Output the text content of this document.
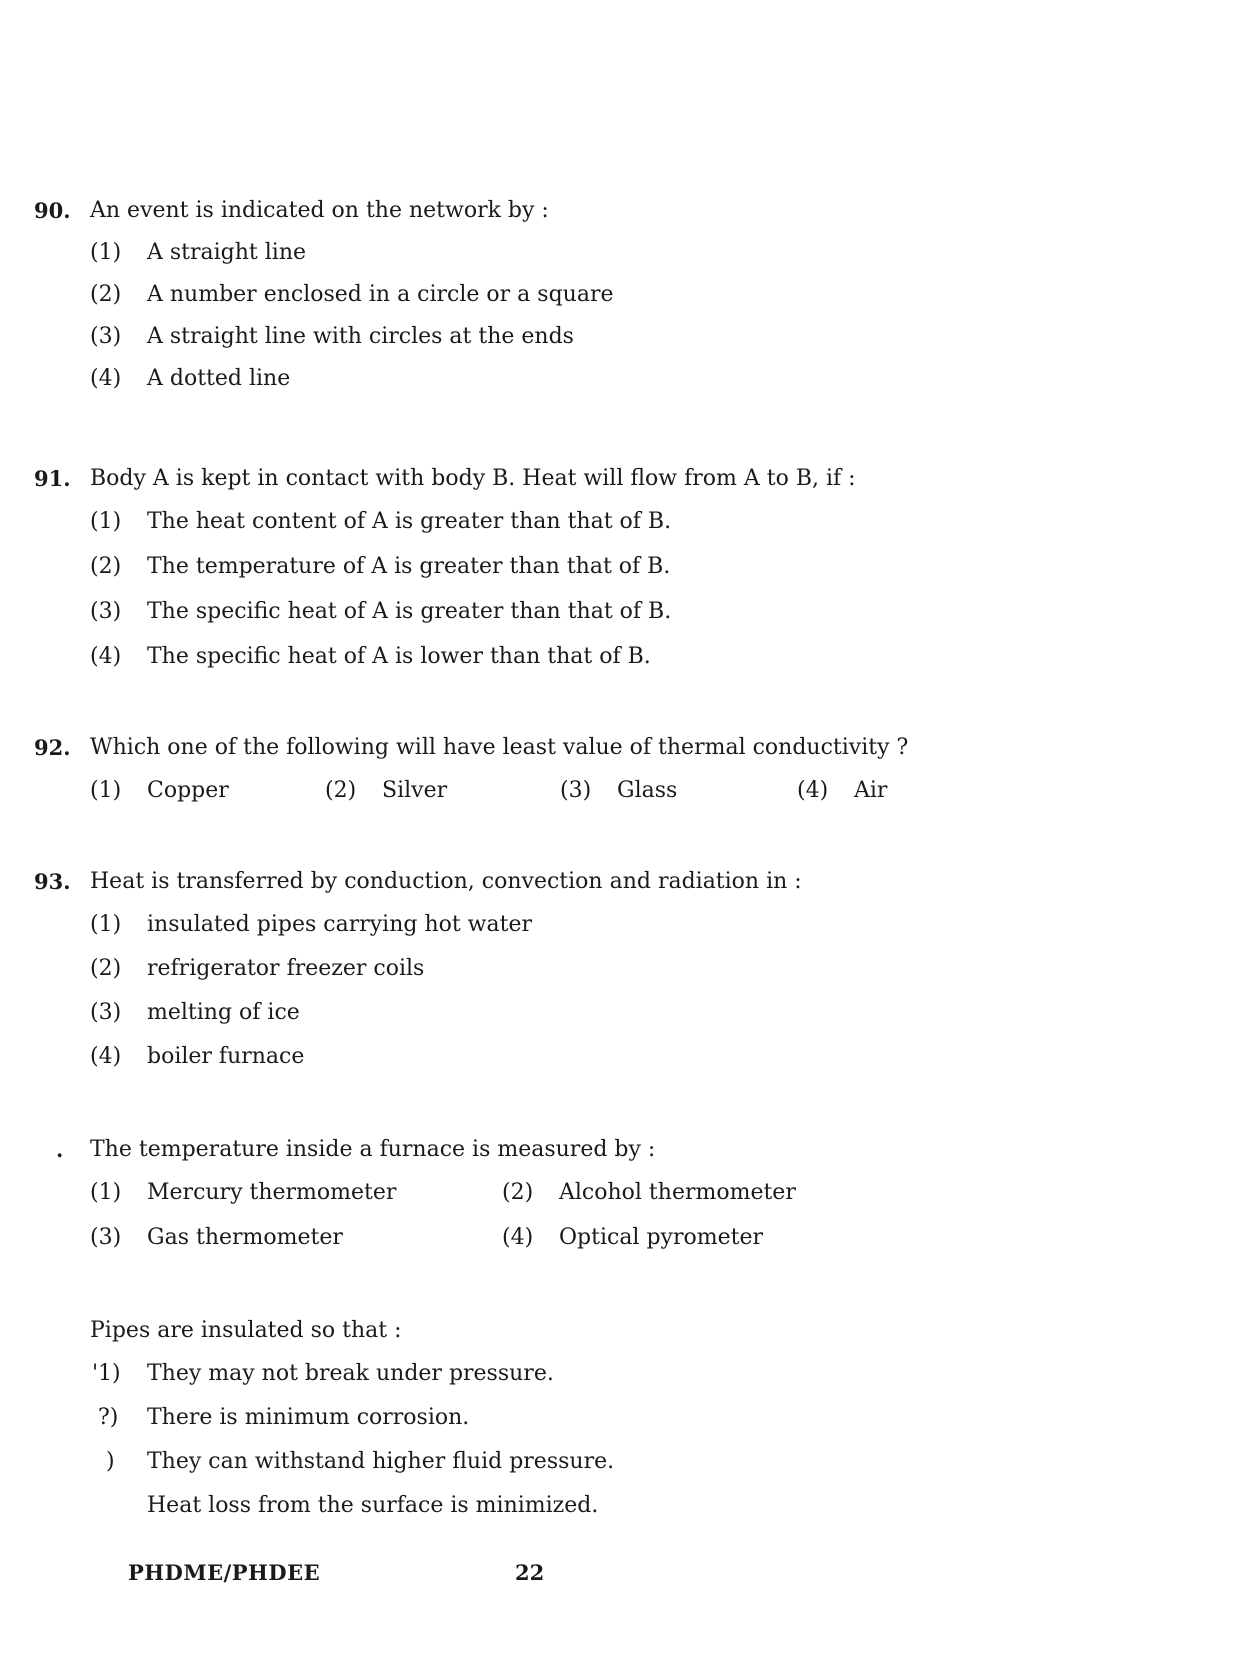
90. An event is indicated on the network by :
(1) A straight line
(2) A number enclosed in a circle or a square
(3) A straight line with circles at the ends
(4) A dotted line
91. Body A is kept in contact with body B. Heat will flow from A to B, if :
(1) The heat content of A is greater than that of B.
(2) The temperature of A is greater than that of B.
(3) The specific heat of A is greater than that of B.
(4) The specific heat of A is lower than that of B.
92. Which one of the following will have least value of thermal conductivity ?
(1) Copper	(2) Silver	(3) Glass	(4) Air
93. Heat is transferred by conduction, convection and radiation in :
(1) insulated pipes carrying hot water
(2) refrigerator freezer coils
(3) melting of ice
(4) boiler furnace
. The temperature inside a furnace is measured by :
(1) Mercury thermometer	(2) Alcohol thermometer
(3) Gas thermometer	(4) Optical pyrometer
Pipes are insulated so that :
'1) They may not break under pressure.
?) There is minimum corrosion.
) They can withstand higher fluid pressure.
Heat loss from the surface is minimized.
PHDME/PHDEE	22
